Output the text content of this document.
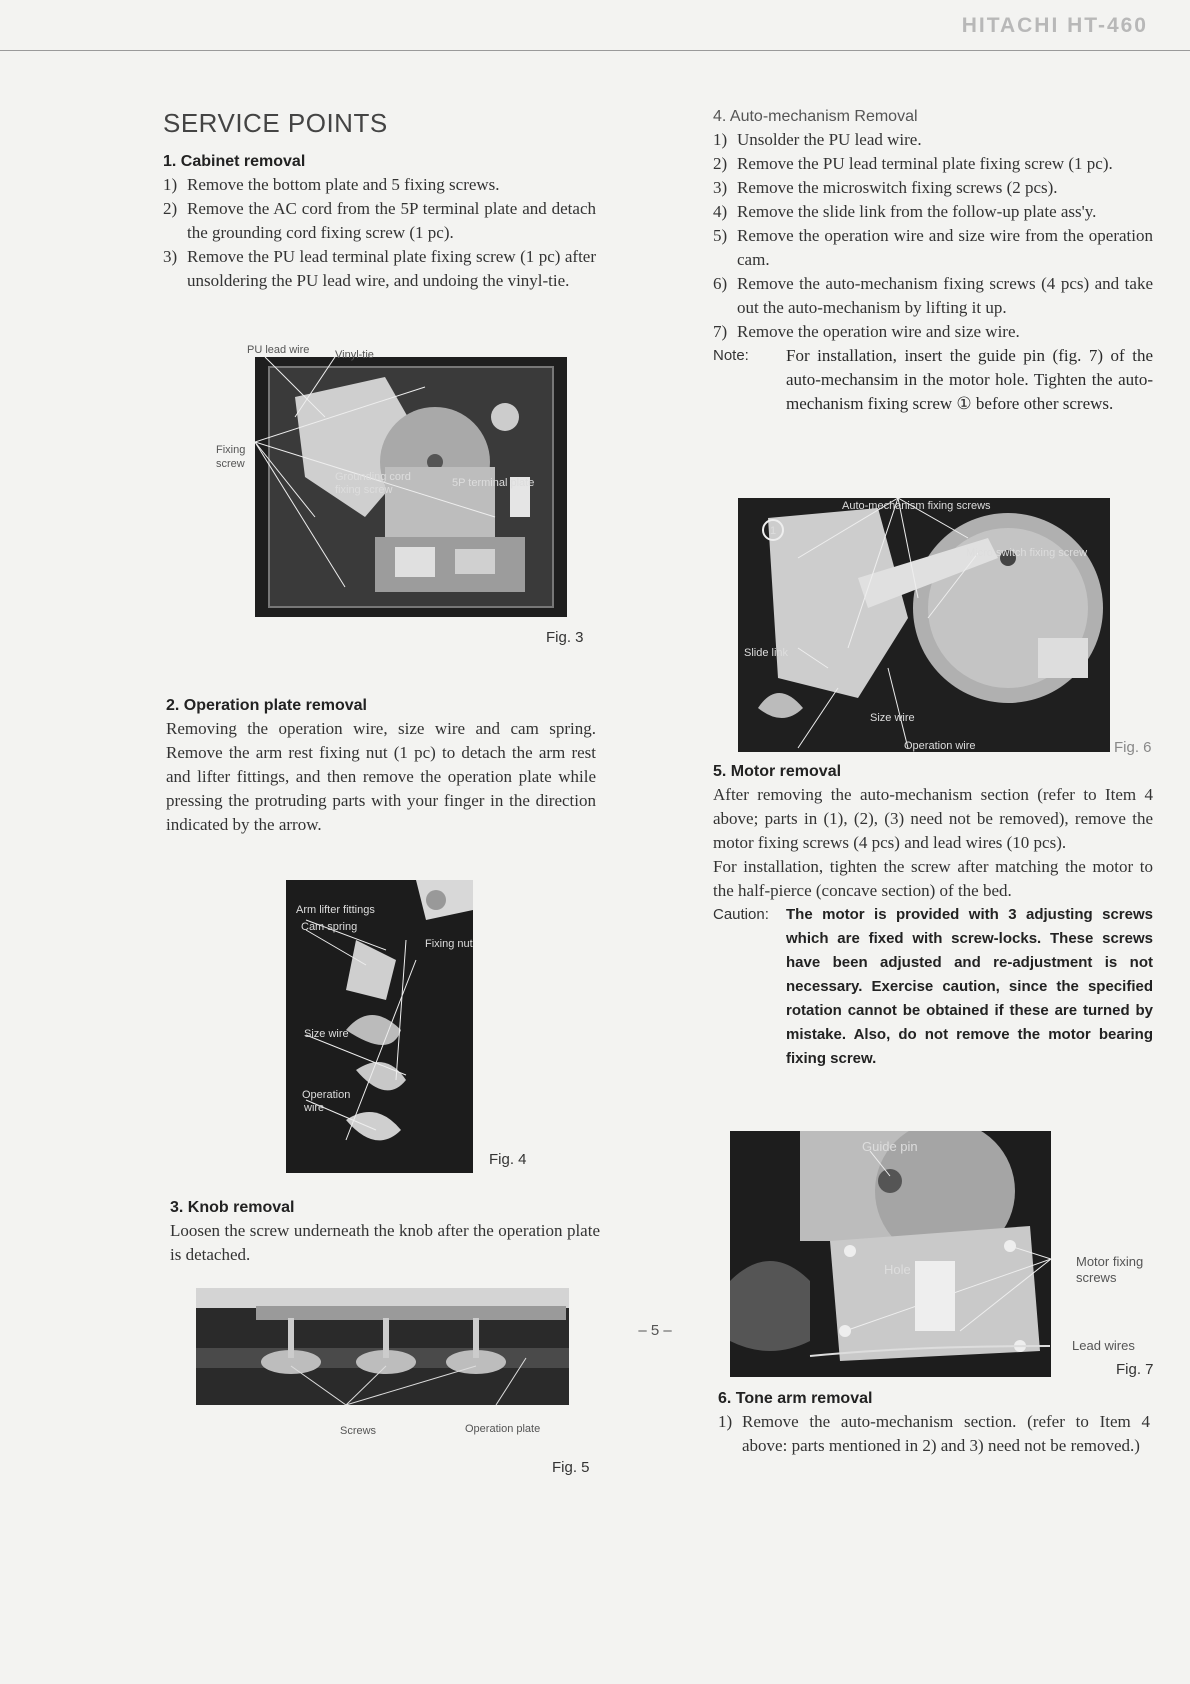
HITACHI HT-460
SERVICE POINTS
1. Cabinet removal
1) Remove the bottom plate and 5 fixing screws.
2) Remove the AC cord from the 5P terminal plate and detach the grounding cord fixing screw (1 pc).
3) Remove the PU lead terminal plate fixing screw (1 pc) after unsoldering the PU lead wire, and undoing the vinyl-tie.
PU lead wire Vinyl-tie
Fixing
screw
Grounding cord
fixing screw
5P terminal plate
Fig. 3
2. Operation plate removal
Removing the operation wire, size wire and cam spring. Remove the arm rest fixing nut (1 pc) to detach the arm rest and lifter fittings, and then remove the operation plate while pressing the protruding parts with your finger in the direction indicated by the arrow.
Arm lifter fittings
Cam spring
Fixing nut
Size wire
Operation
wire
Fig. 4
3. Knob removal
Loosen the screw underneath the knob after the operation plate is detached.
Screws	Operation plate
Fig. 5
4. Auto-mechanism Removal
1) Unsolder the PU lead wire.
2) Remove the PU lead terminal plate fixing screw (1 pc).
3) Remove the microswitch fixing screws (2 pcs).
4) Remove the slide link from the follow-up plate ass'y.
5) Remove the operation wire and size wire from the operation cam.
6) Remove the auto-mechanism fixing screws (4 pcs) and take out the auto-mechanism by lifting it up.
7) Remove the operation wire and size wire.
Note:	For installation, insert the guide pin (fig. 7) of the auto-mechansim in the motor hole. Tighten the auto-mechanism fixing screw ① before other screws.
Auto-mechanism fixing screws
1
Micro switch fixing screw
Slide link
Size wire
Operation wire	Fig. 6
5. Motor removal
After removing the auto-mechanism section (refer to Item 4 above; parts in (1), (2), (3) need not be removed), remove the motor fixing screws (4 pcs) and lead wires (10 pcs).
For installation, tighten the screw after matching the motor to the half-pierce (concave section) of the bed.
Caution:	The motor is provided with 3 adjusting screws which are fixed with screw-locks. These screws have been adjusted and re-adjustment is not necessary. Exercise caution, since the specified rotation cannot be obtained if these are turned by mistake. Also, do not remove the motor bearing fixing screw.
Guide pin
Hole
Motor fixing
screws
Lead wires
Fig. 7
6. Tone arm removal
1) Remove the auto-mechanism section. (refer to Item 4 above: parts mentioned in 2) and 3) need not be removed.)
– 5 –
